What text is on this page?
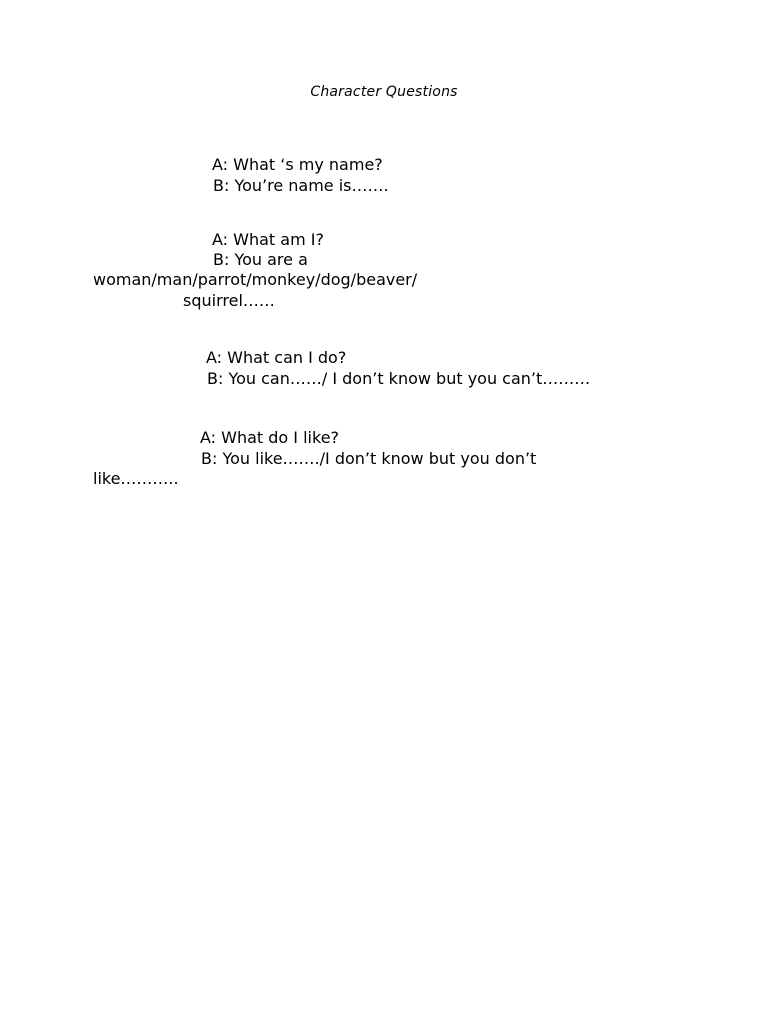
Character Questions
A: What ‘s my name?
B: You’re name is…….
A: What am I?
B: You are a
woman/man/parrot/monkey/dog/beaver/
squirrel……
A: What can I do?
B: You can……/ I don’t know but you can’t………
A: What do I like?
B: You like……./I don’t know but you don’t
like………..
